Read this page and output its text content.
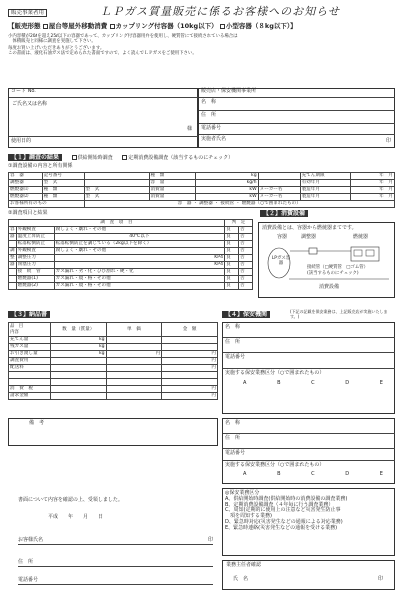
販売事業者用	ＬＰガス質量販売に係るお客様へのお知らせ
【販売形態 屋台等屋外移動消費 カップリング付容器（10kg以下） 小型容器（８kg以下）】
小内容積が20ℓを超え25ℓ以下の容器であって、カップリング付容器用弁を使用し、硬質管にて接続されている場合は
　体積販売と同様に調査を実施して下さい。
毎度お買い上げいただきありがとうございます。
この書面は、液化石油ガス法で定められた書面ですので、よく読んでＬＰガスをご使用下さい。
コード No.
ご氏名又は名称
様
使用日的
販売店・保安機関事業所
名　称
住　所
電話番号
実施者氏名	印
【１】調査の結果	供給開始時調査	定期消費設備調査（該当するものにチェック）
①調査設備の内容と所有関係
容　器	記号番号		種　類	kg		充てん期限	年　月
調整器	型　式		容　量	kg/h		有効年月	年　月
燃焼器⑴	種　類	型　式	消費量	kW	メーカー名	製造年月	年　月
燃焼器⑵	種　類	型　式	消費量	kW	メーカー名	製造年月	年　月
お客様所有のもの		容　器 ・ 調整器 ・ 接続管 ・ 燃焼器（○で囲まれたもの）					
②調査項目と結果
調　査　項　目			判　定	
容	外観検査	腐しょく・劇れ・その他	良	否
器	温度上昇防止	40℃以下	良	否
	転落転倒防止	転落転倒防止を講じている（2kg以下を除く）	良	否
調	外観検査	腐しょく・劇れ・その他	良	否
整	調整圧力	KP4	良	否
器	閉塞圧力	KP4	良	否
	接　続　管	ガス漏れ・劣・化・ひび割れ・硬・化	良	否
	燃焼器(1)	ガス漏れ・規・格・その他	良	否
	燃焼器(2)	ガス漏れ・規・格・その他	良	否
【２】消費設備
消費設備とは、容器から燃焼器まてです。
容器	調整器	燃焼器
LPガス容器
接続管（□硬質管　□ゴム管）
(該当するものにチェック)
消費設備
【３】納品書
品　目
内容	数　量（質量）	単　価	金　額
充てん量	kg		
残ガス量	kg		
お引き渡し量	kg	円	円
調査費用			円
配送料			円

消　費　税			円
請求金額			円
備　考
【４】保安機関	(下記の記載を保安業務は、上記販売店が実施いたします。)
名　称
住　所
電話番号
実施する保安業務区分（○で囲まれたもの）
A	B	C	D	E
名　称
住　所
電話番号
実施する保安業務区分（○で囲まれたもの）
A	B	C	D	E
◎保安業務区分
A、供給開始時調査(供給開始時の消費設備の調査業務)
B、定期消費設備調査（４年毎に行う調査業務）
C、周知(定期的に使用上の注意など災害発生防止事
　項を周知する業務)
D、緊急時対応(災害発生などの通報による対応業務)
E、緊急時連絡(災害発生などの通報を受ける業務)
業務主任者確認
氏　名	印
書面について内容を確認の上、受領しました。
平成　　年　　月　　日
お客様氏名	印
住　所
電話番号
